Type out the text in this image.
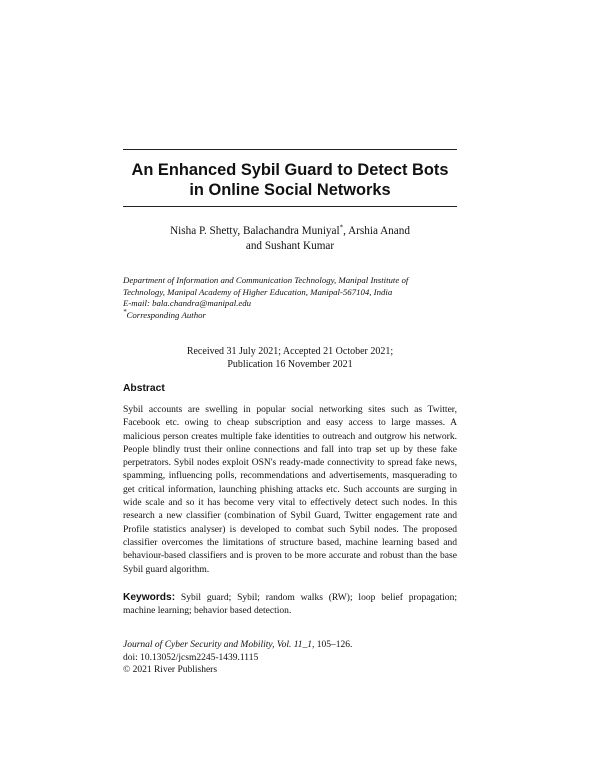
An Enhanced Sybil Guard to Detect Bots
in Online Social Networks
Nisha P. Shetty, Balachandra Muniyal*, Arshia Anand
and Sushant Kumar
Department of Information and Communication Technology, Manipal Institute of
Technology, Manipal Academy of Higher Education, Manipal-567104, India
E-mail: bala.chandra@manipal.edu
*Corresponding Author
Received 31 July 2021; Accepted 21 October 2021;
Publication 16 November 2021
Abstract
Sybil accounts are swelling in popular social networking sites such as Twitter, Facebook etc. owing to cheap subscription and easy access to large masses. A malicious person creates multiple fake identities to outreach and outgrow his network. People blindly trust their online connections and fall into trap set up by these fake perpetrators. Sybil nodes exploit OSN's ready-made connectivity to spread fake news, spamming, influencing polls, recommendations and advertisements, masquerading to get critical information, launching phishing attacks etc. Such accounts are surging in wide scale and so it has become very vital to effectively detect such nodes. In this research a new classifier (combination of Sybil Guard, Twitter engagement rate and Profile statistics analyser) is developed to combat such Sybil nodes. The proposed classifier overcomes the limitations of structure based, machine learning based and behaviour-based classifiers and is proven to be more accurate and robust than the base Sybil guard algorithm.
Keywords: Sybil guard; Sybil; random walks (RW); loop belief propagation; machine learning; behavior based detection.
Journal of Cyber Security and Mobility, Vol. 11_1, 105–126.
doi: 10.13052/jcsm2245-1439.1115
© 2021 River Publishers
